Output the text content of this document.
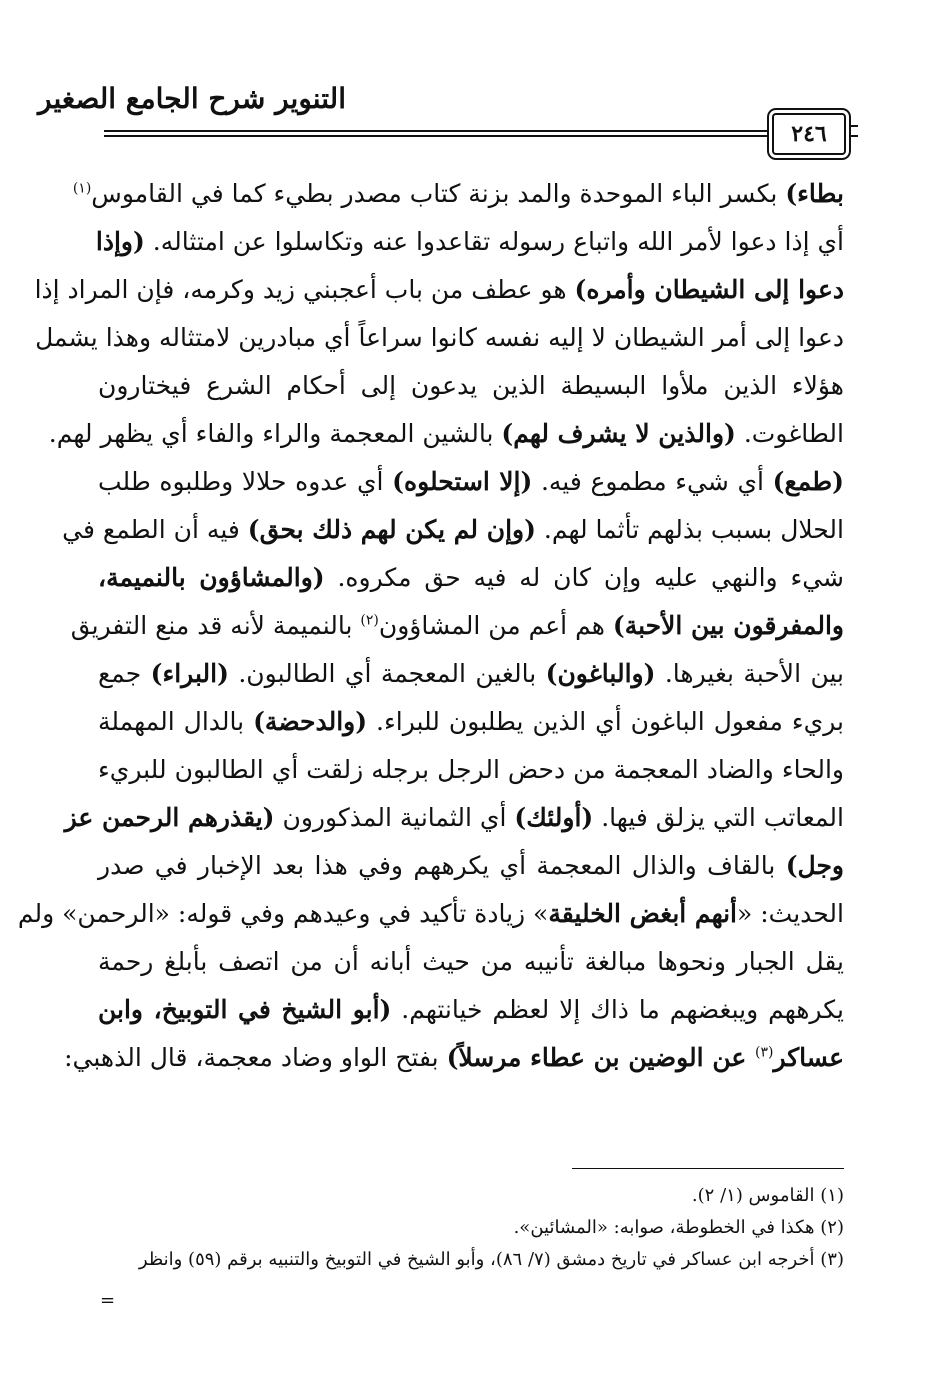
التنوير شرح الجامع الصغير
٢٤٦
بطاء) بكسر الباء الموحدة والمد بزنة كتاب مصدر بطيء كما في القاموس$^{(١)}$
أي إذا دعوا لأمر الله واتباع رسوله تقاعدوا عنه وتكاسلوا عن امتثاله. (وإذا
دعوا إلى الشيطان وأمره) هو عطف من باب أعجبني زيد وكرمه، فإن المراد إذا
دعوا إلى أمر الشيطان لا إليه نفسه كانوا سراعاً أي مبادرين لامتثاله وهذا يشمل
هؤلاء الذين ملأوا البسيطة الذين يدعون إلى أحكام الشرع فيختارون
الطاغوت. (والذين لا يشرف لهم) بالشين المعجمة والراء والفاء أي يظهر لهم.
(طمع) أي شيء مطموع فيه. (إلا استحلوه) أي عدوه حلالا وطلبوه طلب
الحلال بسبب بذلهم تأثما لهم. (وإن لم يكن لهم ذلك بحق) فيه أن الطمع في
شيء والنهي عليه وإن كان له فيه حق مكروه. (والمشاؤون بالنميمة،
والمفرقون بين الأحبة) هم أعم من المشاؤون$^{(٢)}$ بالنميمة لأنه قد منع التفريق
بين الأحبة بغيرها. (والباغون) بالغين المعجمة أي الطالبون. (البراء) جمع
بريء مفعول الباغون أي الذين يطلبون للبراء. (والدحضة) بالدال المهملة
والحاء والضاد المعجمة من دحض الرجل برجله زلقت أي الطالبون للبريء
المعاتب التي يزلق فيها. (أولئك) أي الثمانية المذكورون (يقذرهم الرحمن عز
وجل) بالقاف والذال المعجمة أي يكرههم وفي هذا بعد الإخبار في صدر
الحديث: «أنهم أبغض الخليقة» زيادة تأكيد في وعيدهم وفي قوله: «الرحمن» ولم
يقل الجبار ونحوها مبالغة تأنيبه من حيث أبانه أن من اتصف بأبلغ رحمة
يكرههم ويبغضهم ما ذاك إلا لعظم خيانتهم. (أبو الشيخ في التوبيخ، وابن
عساكر$^{(٣)}$ عن الوضين بن عطاء مرسلاً) بفتح الواو وضاد معجمة، قال الذهبي:
(١) القاموس (١/ ٢).
(٢) هكذا في الخطوطة، صوابه: «المشائين».
(٣) أخرجه ابن عساكر في تاريخ دمشق (٧/ ٨٦)، وأبو الشيخ في التوبيخ والتنبيه برقم (٥٩) وانظر
=
